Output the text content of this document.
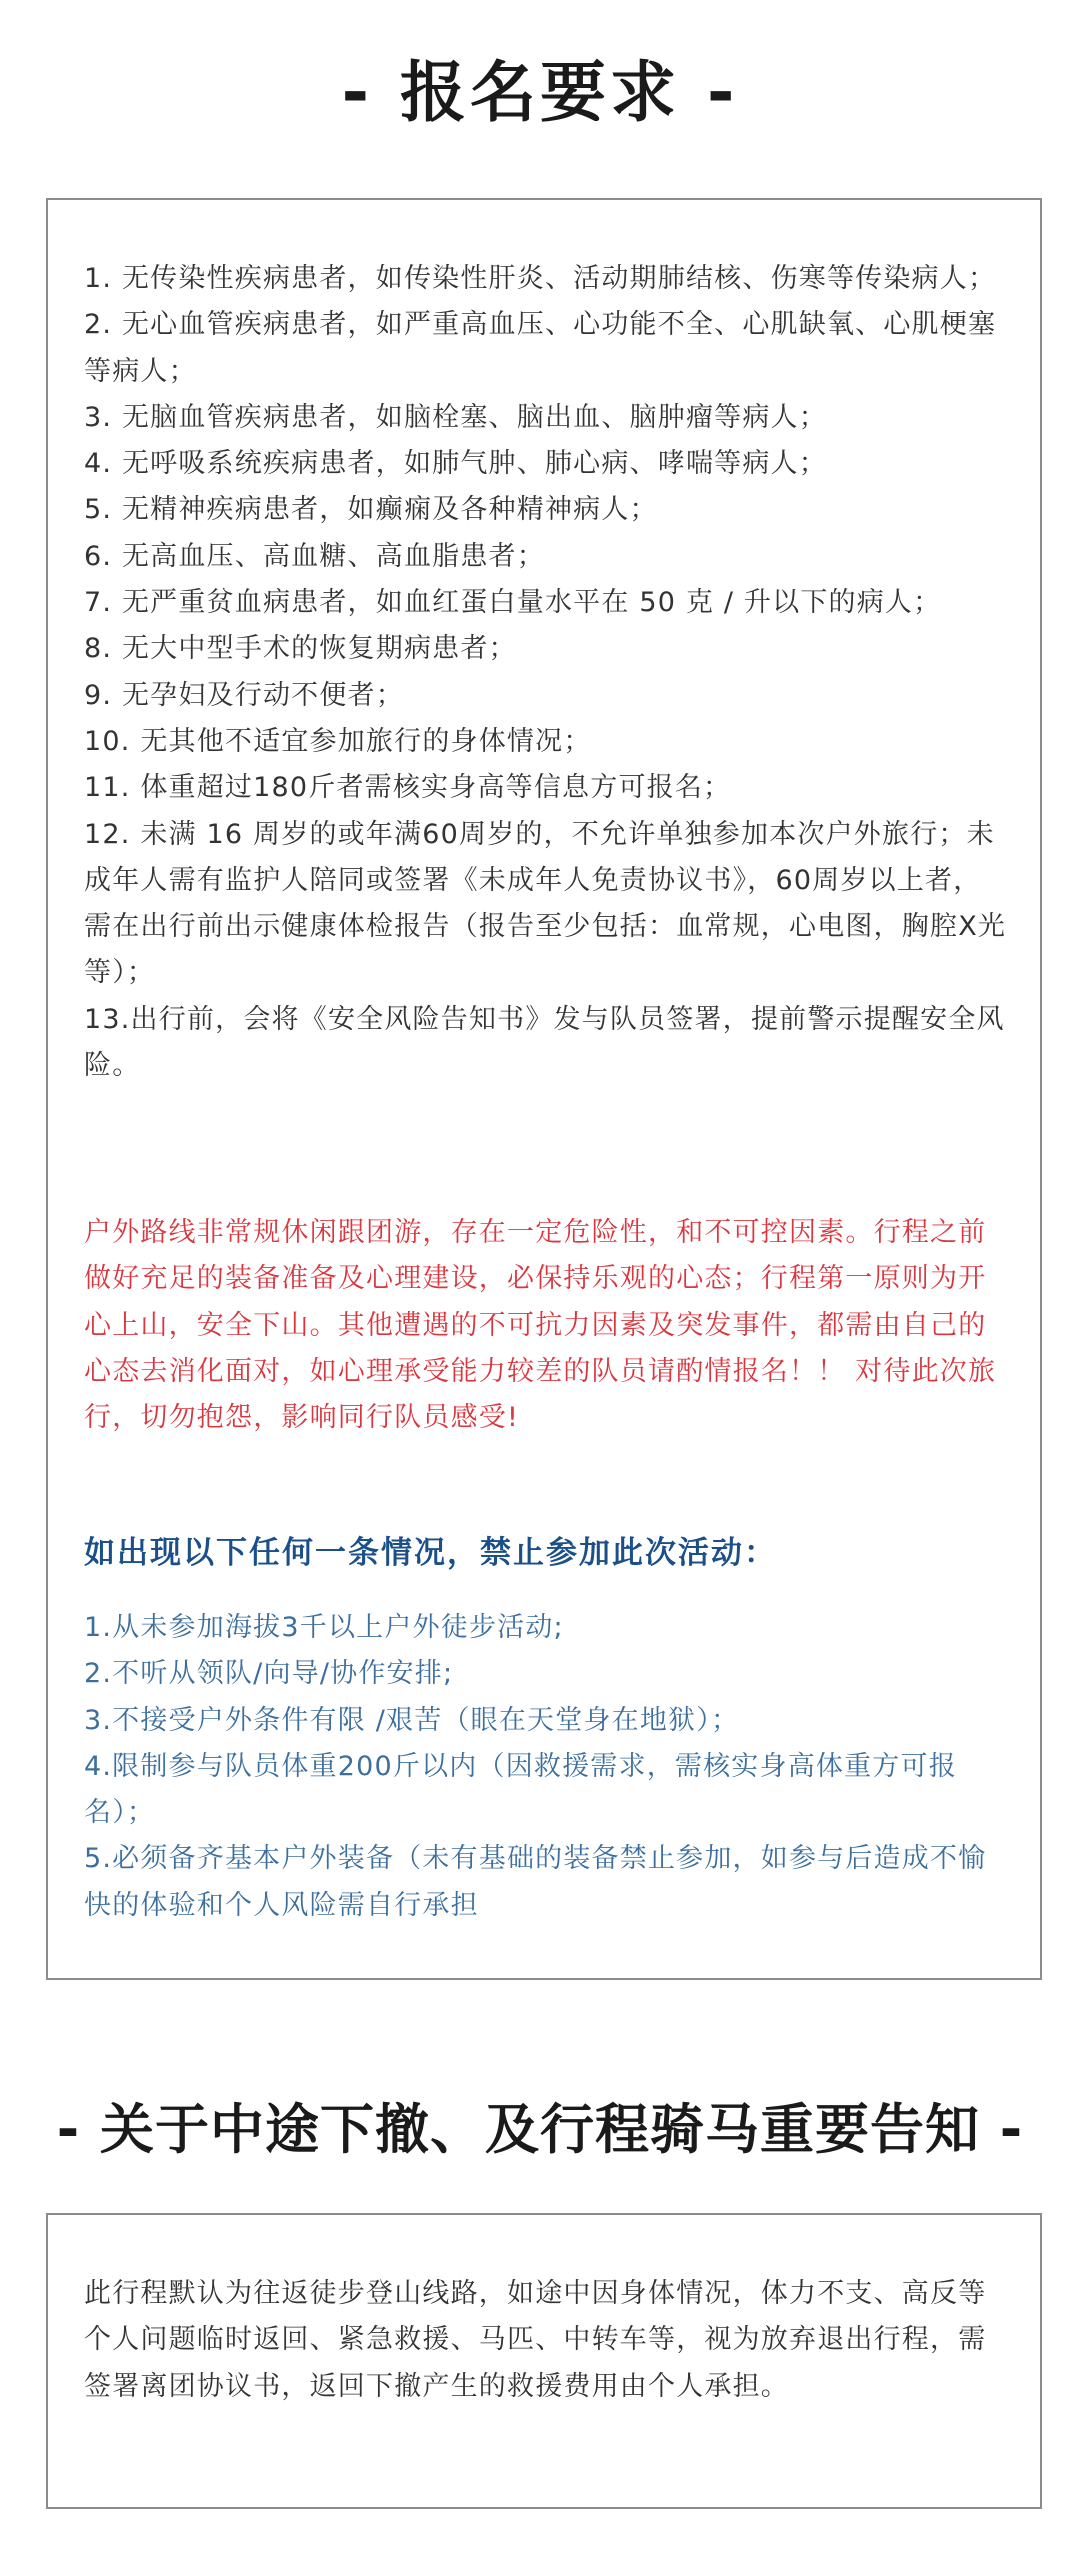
- 报名要求 -

1. 无传染性疾病患者，如传染性肝炎、活动期肺结核、伤寒等传染病人；

2. 无心血管疾病患者，如严重高血压、心功能不全、心肌缺氧、心肌梗塞等病人；

3. 无脑血管疾病患者，如脑栓塞、脑出血、脑肿瘤等病人；

4. 无呼吸系统疾病患者，如肺气肿、肺心病、哮喘等病人；

5. 无精神疾病患者，如癫痫及各种精神病人；

6. 无高血压、高血糖、高血脂患者；

7. 无严重贫血病患者，如血红蛋白量水平在 50 克 / 升以下的病人；

8. 无大中型手术的恢复期病患者；

9. 无孕妇及行动不便者；

10. 无其他不适宜参加旅行的身体情况；

11. 体重超过180斤者需核实身高等信息方可报名；

12. 未满 16 周岁的或年满60周岁的，不允许单独参加本次户外旅行；未成年人需有监护人陪同或签署《未成年人免责协议书》，60周岁以上者，需在出行前出示健康体检报告（报告至少包括：血常规，心电图，胸腔X光等）；

13.出行前，会将《安全风险告知书》发与队员签署，提前警示提醒安全风险。

户外路线非常规休闲跟团游，存在一定危险性，和不可控因素。行程之前做好充足的装备准备及心理建设，必保持乐观的心态；行程第一原则为开心上山，安全下山。其他遭遇的不可抗力因素及突发事件，都需由自己的心态去消化面对，如心理承受能力较差的队员请酌情报名！！ 对待此次旅行，切勿抱怨，影响同行队员感受!

如出现以下任何一条情况，禁止参加此次活动：

1.从未参加海拔3千以上户外徒步活动;

2.不听从领队/向导/协作安排;

3.不接受户外条件有限 /艰苦（眼在天堂身在地狱）；

4.限制参与队员体重200斤以内（因救援需求，需核实身高体重方可报名）；

5.必须备齐基本户外装备（未有基础的装备禁止参加，如参与后造成不愉快的体验和个人风险需自行承担

- 关于中途下撤、及行程骑马重要告知 -

此行程默认为往返徒步登山线路，如途中因身体情况，体力不支、高反等个人问题临时返回、紧急救援、马匹、中转车等，视为放弃退出行程，需签署离团协议书，返回下撤产生的救援费用由个人承担。
